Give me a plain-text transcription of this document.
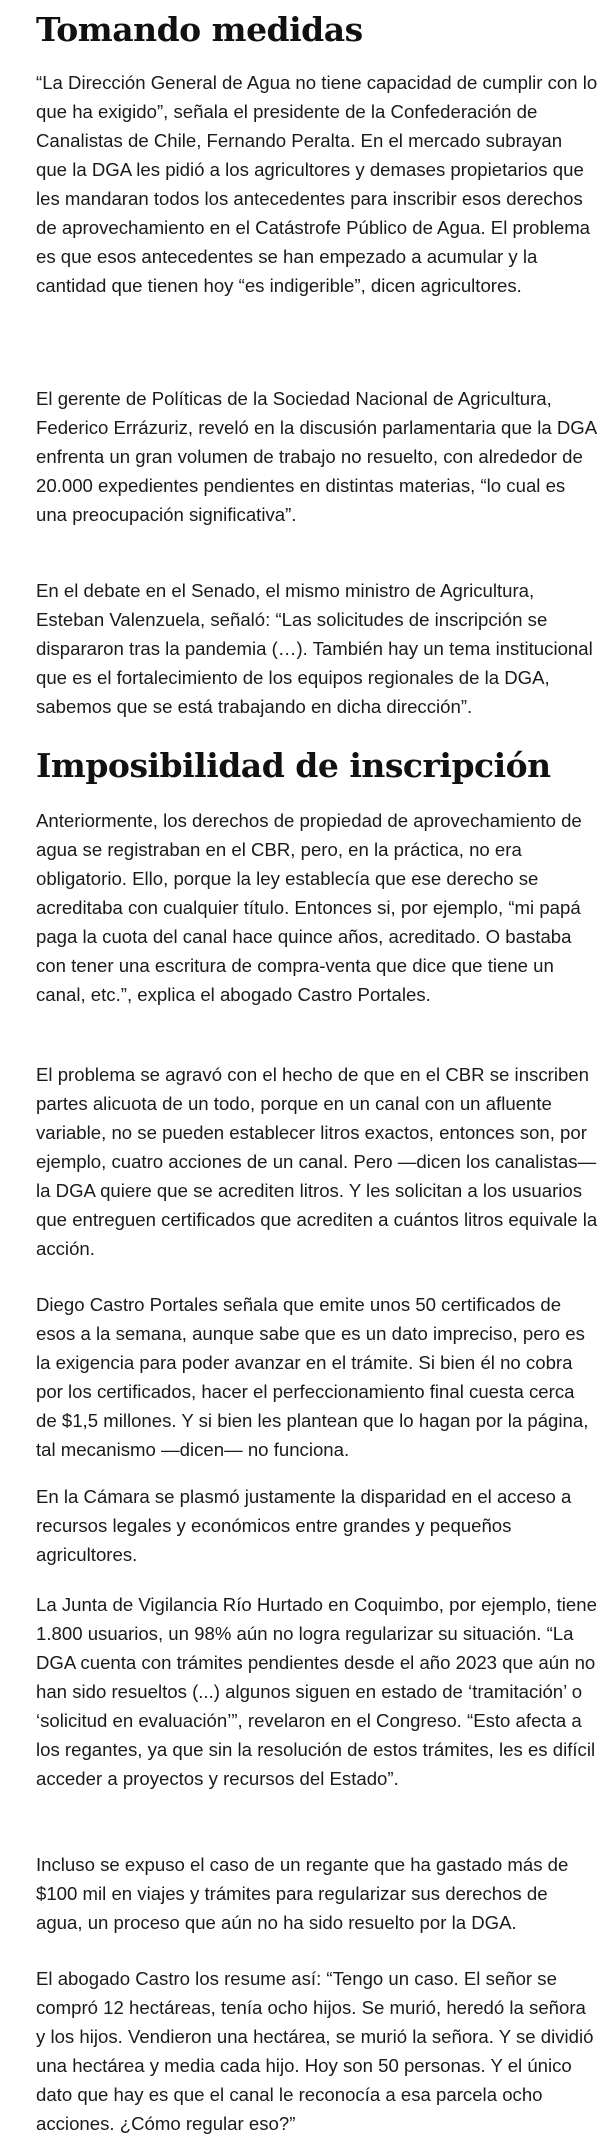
Tomando medidas

“La Dirección General de Agua no tiene capacidad de cumplir con lo que ha exigido”, señala el presidente de la Confederación de Canalistas de Chile, Fernando Peralta. En el mercado subrayan que la DGA les pidió a los agricultores y demases propietarios que les mandaran todos los antecedentes para inscribir esos derechos de aprovechamiento en el Catástrofe Público de Agua. El problema es que esos antecedentes se han empezado a acumular y la cantidad que tienen hoy “es indigerible”, dicen agricultores.

El gerente de Políticas de la Sociedad Nacional de Agricultura, Federico Errázuriz, reveló en la discusión parlamentaria que la DGA enfrenta un gran volumen de trabajo no resuelto, con alrededor de 20.000 expedientes pendientes en distintas materias, “lo cual es una preocupación significativa”.

En el debate en el Senado, el mismo ministro de Agricultura, Esteban Valenzuela, señaló: “Las solicitudes de inscripción se dispararon tras la pandemia (…). También hay un tema institucional que es el fortalecimiento de los equipos regionales de la DGA, sabemos que se está trabajando en dicha dirección”.

Imposibilidad de inscripción

Anteriormente, los derechos de propiedad de aprovechamiento de agua se registraban en el CBR, pero, en la práctica, no era obligatorio. Ello, porque la ley establecía que ese derecho se acreditaba con cualquier título. Entonces si, por ejemplo, “mi papá paga la cuota del canal hace quince años, acreditado. O bastaba con tener una escritura de compra-venta que dice que tiene un canal, etc.”, explica el abogado Castro Portales.

El problema se agravó con el hecho de que en el CBR se inscriben partes alicuota de un todo, porque en un canal con un afluente variable, no se pueden establecer litros exactos, entonces son, por ejemplo, cuatro acciones de un canal. Pero —dicen los canalistas— la DGA quiere que se acrediten litros. Y les solicitan a los usuarios que entreguen certificados que acrediten a cuántos litros equivale la acción.

Diego Castro Portales señala que emite unos 50 certificados de esos a la semana, aunque sabe que es un dato impreciso, pero es la exigencia para poder avanzar en el trámite. Si bien él no cobra por los certificados, hacer el perfeccionamiento final cuesta cerca de $1,5 millones. Y si bien les plantean que lo hagan por la página, tal mecanismo —dicen— no funciona.

En la Cámara se plasmó justamente la disparidad en el acceso a recursos legales y económicos entre grandes y pequeños agricultores.

La Junta de Vigilancia Río Hurtado en Coquimbo, por ejemplo, tiene 1.800 usuarios, un 98% aún no logra regularizar su situación. “La DGA cuenta con trámites pendientes desde el año 2023 que aún no han sido resueltos (...) algunos siguen en estado de ‘tramitación’ o ‘solicitud en evaluación’”, revelaron en el Congreso. “Esto afecta a los regantes, ya que sin la resolución de estos trámites, les es difícil acceder a proyectos y recursos del Estado”.

Incluso se expuso el caso de un regante que ha gastado más de $100 mil en viajes y trámites para regularizar sus derechos de agua, un proceso que aún no ha sido resuelto por la DGA.

El abogado Castro los resume así: “Tengo un caso. El señor se compró 12 hectáreas, tenía ocho hijos. Se murió, heredó la señora y los hijos. Vendieron una hectárea, se murió la señora. Y se dividió una hectárea y media cada hijo. Hoy son 50 personas. Y el único dato que hay es que el canal le reconocía a esa parcela ocho acciones. ¿Cómo regular eso?”
